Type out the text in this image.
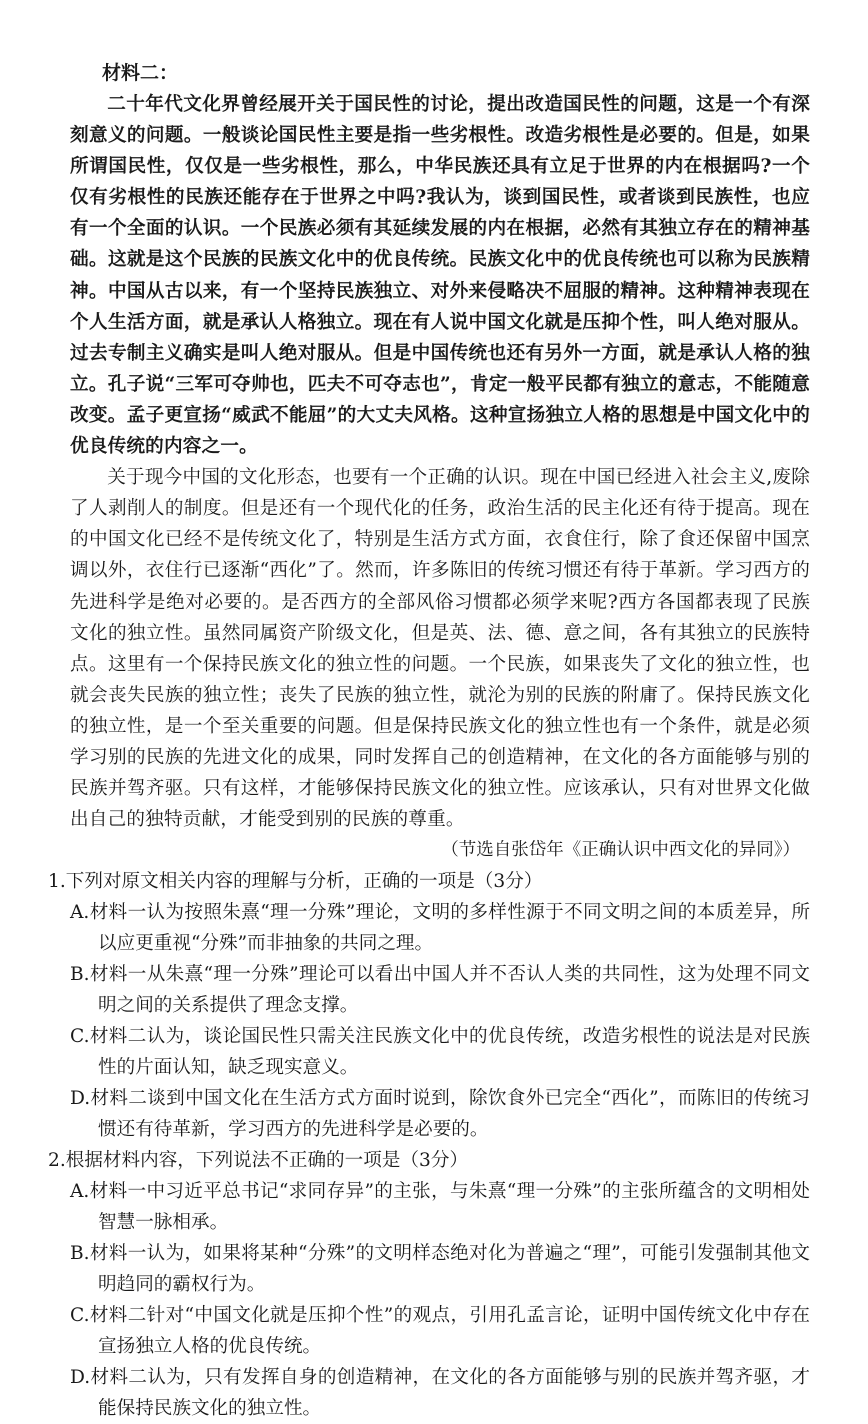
材料二：

二十年代文化界曾经展开关于国民性的讨论，提出改造国民性的问题，这是一个有深刻意义的问题。一般谈论国民性主要是指一些劣根性。改造劣根性是必要的。但是，如果所谓国民性，仅仅是一些劣根性，那么，中华民族还具有立足于世界的内在根据吗?一个仅有劣根性的民族还能存在于世界之中吗?我认为，谈到国民性，或者谈到民族性，也应有一个全面的认识。一个民族必须有其延续发展的内在根据，必然有其独立存在的精神基础。这就是这个民族的民族文化中的优良传统。民族文化中的优良传统也可以称为民族精神。中国从古以来，有一个坚持民族独立、对外来侵略决不屈服的精神。这种精神表现在个人生活方面，就是承认人格独立。现在有人说中国文化就是压抑个性，叫人绝对服从。过去专制主义确实是叫人绝对服从。但是中国传统也还有另外一方面，就是承认人格的独立。孔子说“三军可夺帅也，匹夫不可夺志也”，肯定一般平民都有独立的意志，不能随意改变。孟子更宣扬“威武不能屈”的大丈夫风格。这种宣扬独立人格的思想是中国文化中的优良传统的内容之一。

关于现今中国的文化形态，也要有一个正确的认识。现在中国已经进入社会主义,废除了人剥削人的制度。但是还有一个现代化的任务，政治生活的民主化还有待于提高。现在的中国文化已经不是传统文化了，特别是生活方式方面，衣食住行，除了食还保留中国烹调以外，衣住行已逐渐“西化”了。然而，许多陈旧的传统习惯还有待于革新。学习西方的先进科学是绝对必要的。是否西方的全部风俗习惯都必须学来呢?西方各国都表现了民族文化的独立性。虽然同属资产阶级文化，但是英、法、德、意之间，各有其独立的民族特点。这里有一个保持民族文化的独立性的问题。一个民族，如果丧失了文化的独立性，也就会丧失民族的独立性；丧失了民族的独立性，就沦为别的民族的附庸了。保持民族文化的独立性，是一个至关重要的问题。但是保持民族文化的独立性也有一个条件，就是必须学习别的民族的先进文化的成果，同时发挥自己的创造精神，在文化的各方面能够与别的民族并驾齐驱。只有这样，才能够保持民族文化的独立性。应该承认，只有对世界文化做出自己的独特贡献，才能受到别的民族的尊重。

（节选自张岱年《正确认识中西文化的异同》）

1.下列对原文相关内容的理解与分析，正确的一项是（3分）

A.材料一认为按照朱熹“理一分殊”理论，文明的多样性源于不同文明之间的本质差异，所以应更重视“分殊”而非抽象的共同之理。

B.材料一从朱熹“理一分殊”理论可以看出中国人并不否认人类的共同性，这为处理不同文明之间的关系提供了理念支撑。

C.材料二认为，谈论国民性只需关注民族文化中的优良传统，改造劣根性的说法是对民族性的片面认知，缺乏现实意义。

D.材料二谈到中国文化在生活方式方面时说到，除饮食外已完全“西化”，而陈旧的传统习惯还有待革新，学习西方的先进科学是必要的。

2.根据材料内容，下列说法不正确的一项是（3分）

A.材料一中习近平总书记“求同存异”的主张，与朱熹“理一分殊”的主张所蕴含的文明相处智慧一脉相承。

B.材料一认为，如果将某种“分殊”的文明样态绝对化为普遍之“理”，可能引发强制其他文明趋同的霸权行为。

C.材料二针对“中国文化就是压抑个性”的观点，引用孔孟言论，证明中国传统文化中存在宣扬独立人格的优良传统。

D.材料二认为，只有发挥自身的创造精神，在文化的各方面能够与别的民族并驾齐驱，才能保持民族文化的独立性。
